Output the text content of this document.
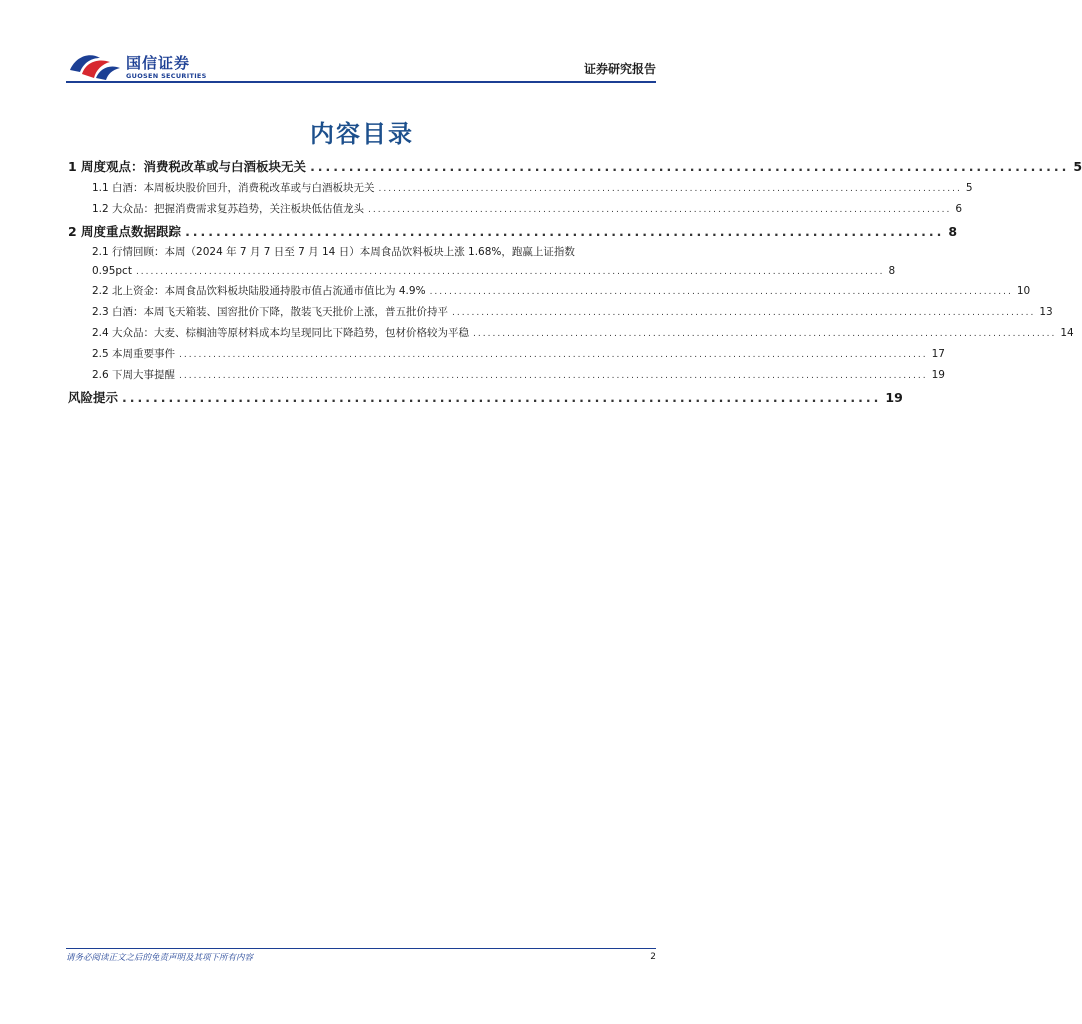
国信证券
GUOSEN SECURITIES	证券研究报告
内容目录
1 周度观点：消费税改革或与白酒板块无关 .................................................................................................. 5
1.1 白酒：本周板块股价回升，消费税改革或与白酒板块无关 ........................................................................................................................ 5
1.2 大众品：把握消费需求复苏趋势，关注板块低估值龙头 ........................................................................................................................ 6
2 周度重点数据跟踪 .................................................................................................. 8
2.1 行情回顾：本周（2024 年 7 月 7 日至 7 月 14 日）本周食品饮料板块上涨 1.68%，跑赢上证指数
0.95pct .......................................................................................................................................................... 8
2.2 北上资金：本周食品饮料板块陆股通持股市值占流通市值比为 4.9% ........................................................................................................................ 10
2.3 白酒：本周飞天箱装、国窖批价下降，散装飞天批价上涨，普五批价持平 ........................................................................................................................ 13
2.4 大众品：大麦、棕榈油等原材料成本均呈现同比下降趋势，包材价格较为平稳 ........................................................................................................................ 14
2.5 本周重要事件 .......................................................................................................................................................... 17
2.6 下周大事提醒 .......................................................................................................................................................... 19
风险提示 .................................................................................................. 19
请务必阅读正文之后的免责声明及其项下所有内容	2
